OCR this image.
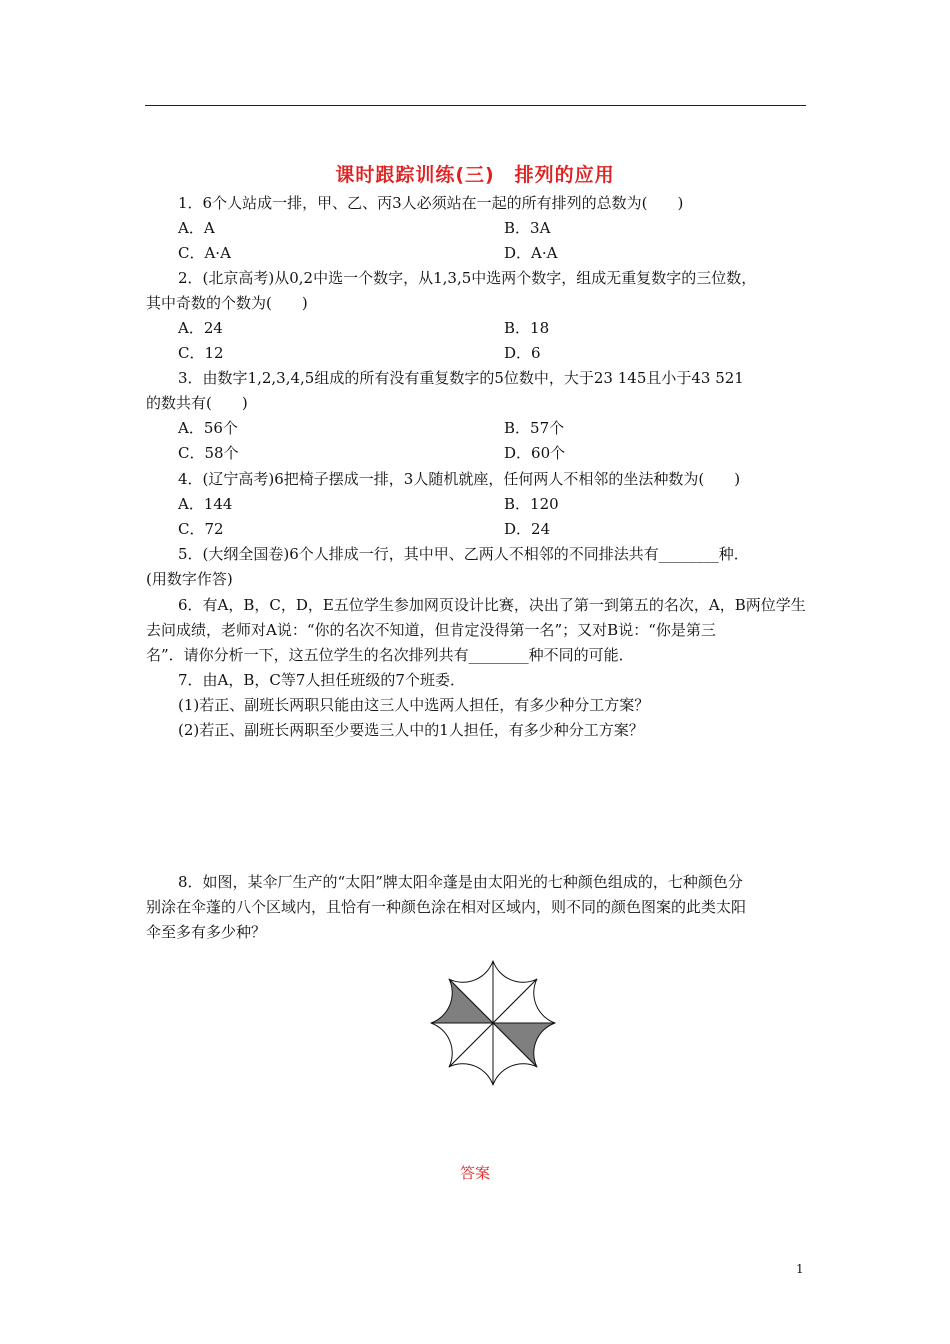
课时跟踪训练(三)　排列的应用
1．6个人站成一排，甲、乙、丙3人必须站在一起的所有排列的总数为(　　)
A．A	B．3A
C．A·A	D．A·A
2．(北京高考)从0,2中选一个数字，从1,3,5中选两个数字，组成无重复数字的三位数，
其中奇数的个数为(　　)
A．24	B．18
C．12	D．6
3．由数字1,2,3,4,5组成的所有没有重复数字的5位数中，大于23 145且小于43 521
的数共有(　　)
A．56个	B．57个
C．58个	D．60个
4．(辽宁高考)6把椅子摆成一排，3人随机就座，任何两人不相邻的坐法种数为(　　)
A．144	B．120
C．72	D．24
5．(大纲全国卷)6个人排成一行，其中甲、乙两人不相邻的不同排法共有________种．
(用数字作答)
6．有A，B，C，D，E五位学生参加网页设计比赛，决出了第一到第五的名次，A，B两位学生
去问成绩，老师对A说：“你的名次不知道，但肯定没得第一名”；又对B说：“你是第三
名”．请你分析一下，这五位学生的名次排列共有________种不同的可能．
7．由A，B，C等7人担任班级的7个班委．
(1)若正、副班长两职只能由这三人中选两人担任，有多少种分工方案？
(2)若正、副班长两职至少要选三人中的1人担任，有多少种分工方案？
8．如图，某伞厂生产的“太阳”牌太阳伞蓬是由太阳光的七种颜色组成的，七种颜色分
别涂在伞蓬的八个区域内，且恰有一种颜色涂在相对区域内，则不同的颜色图案的此类太阳
伞至多有多少种？
答案
1
